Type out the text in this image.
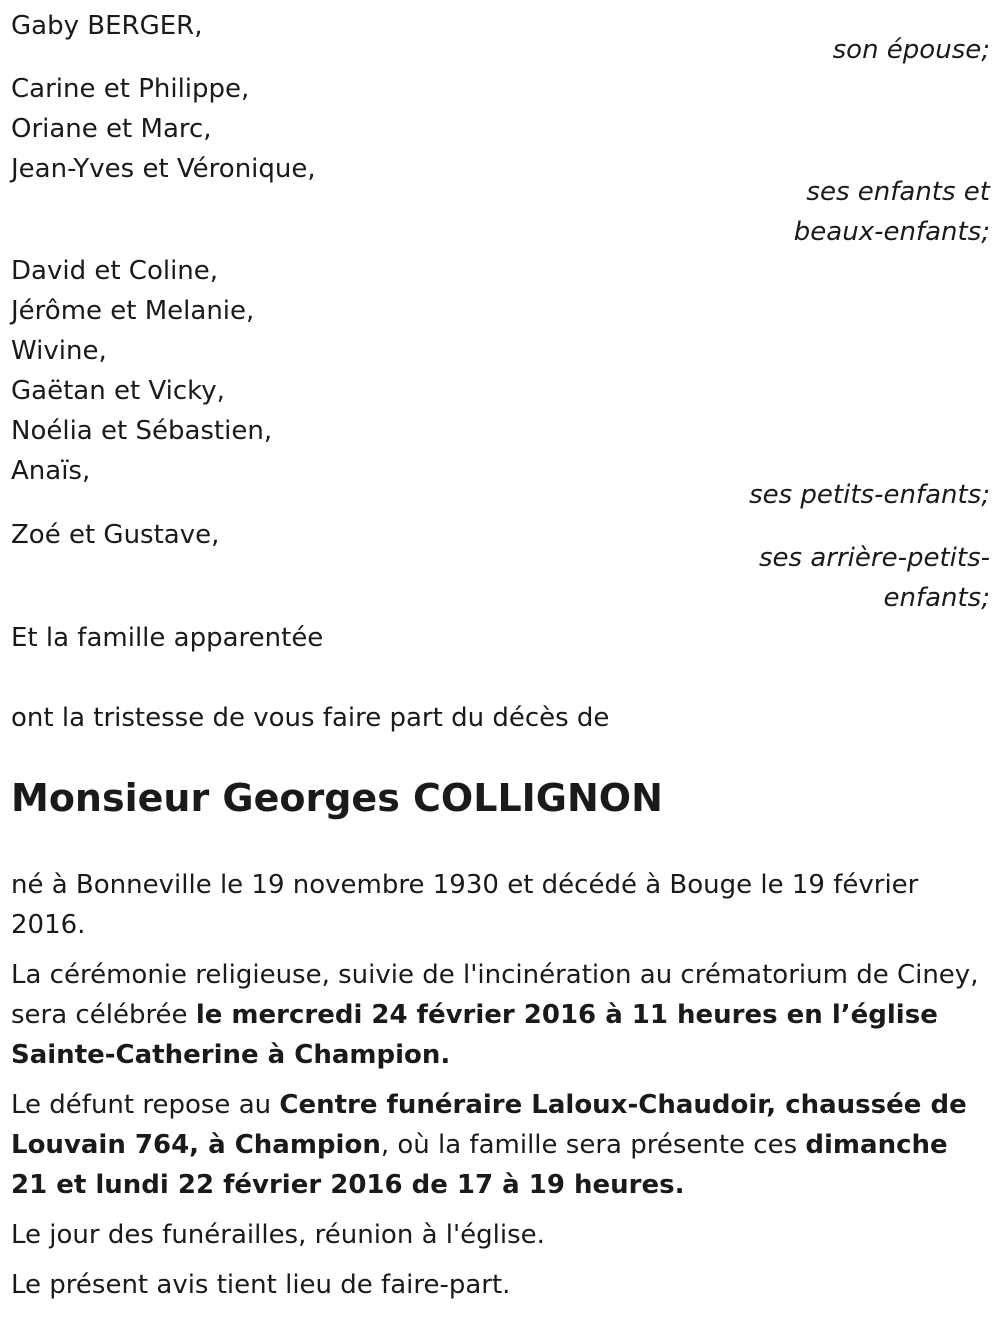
Gaby BERGER,
son épouse;
Carine et Philippe,
Oriane et Marc,
Jean-Yves et Véronique,
ses enfants et
beaux-enfants;
David et Coline,
Jérôme et Melanie,
Wivine,
Gaëtan et Vicky,
Noélia et Sébastien,
Anaïs,
ses petits-enfants;
Zoé et Gustave,
ses arrière-petits-
enfants;
Et la famille apparentée
ont la tristesse de vous faire part du décès de
Monsieur Georges COLLIGNON
né à Bonneville le 19 novembre 1930 et décédé à Bouge le 19 février 2016.
La cérémonie religieuse, suivie de l'incinération au crématorium de Ciney, sera célébrée le mercredi 24 février 2016 à 11 heures en l’église Sainte-Catherine à Champion.
Le défunt repose au Centre funéraire Laloux-Chaudoir, chaussée de Louvain 764, à Champion, où la famille sera présente ces dimanche 21 et lundi 22 février 2016 de 17 à 19 heures.
Le jour des funérailles, réunion à l'église.
Le présent avis tient lieu de faire-part.
